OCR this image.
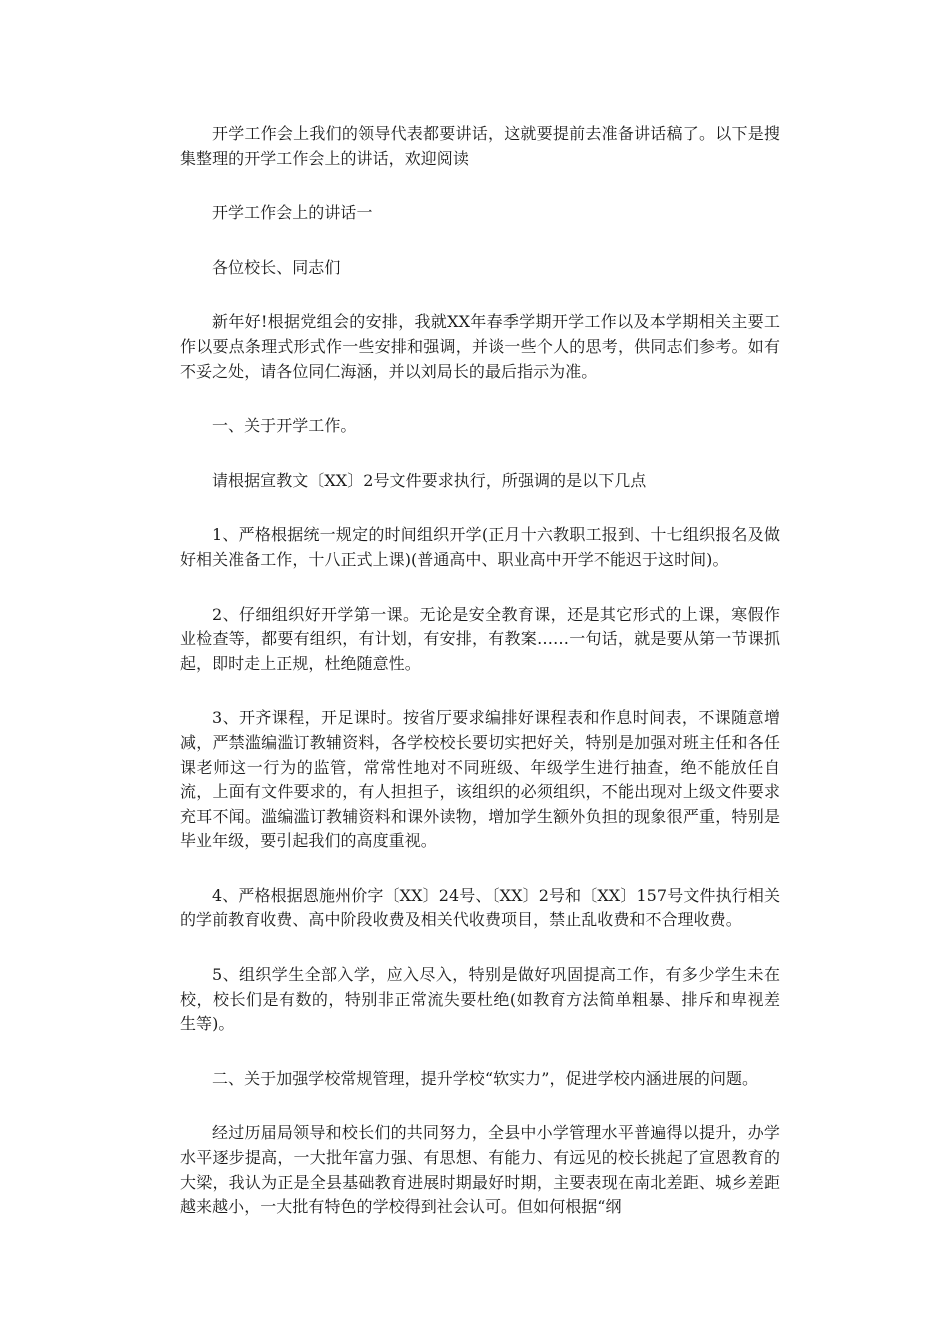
开学工作会上我们的领导代表都要讲话，这就要提前去准备讲话稿了。以下是搜集整理的开学工作会上的讲话，欢迎阅读

开学工作会上的讲话一

各位校长、同志们

新年好!根据党组会的安排，我就XX年春季学期开学工作以及本学期相关主要工作以要点条理式形式作一些安排和强调，并谈一些个人的思考，供同志们参考。如有不妥之处，请各位同仁海涵，并以刘局长的最后指示为准。

一、关于开学工作。

请根据宣教文〔XX〕2号文件要求执行，所强调的是以下几点

1、严格根据统一规定的时间组织开学(正月十六教职工报到、十七组织报名及做好相关准备工作，十八正式上课)(普通高中、职业高中开学不能迟于这时间)。

2、仔细组织好开学第一课。无论是安全教育课，还是其它形式的上课，寒假作业检查等，都要有组织，有计划，有安排，有教案……一句话，就是要从第一节课抓起，即时走上正规，杜绝随意性。

3、开齐课程，开足课时。按省厅要求编排好课程表和作息时间表，不课随意增减，严禁滥编滥订教辅资料，各学校校长要切实把好关，特别是加强对班主任和各任课老师这一行为的监管，常常性地对不同班级、年级学生进行抽查，绝不能放任自流，上面有文件要求的，有人担担子，该组织的必须组织，不能出现对上级文件要求充耳不闻。滥编滥订教辅资料和课外读物，增加学生额外负担的现象很严重，特别是毕业年级，要引起我们的高度重视。

4、严格根据恩施州价字〔XX〕24号、〔XX〕2号和〔XX〕157号文件执行相关的学前教育收费、高中阶段收费及相关代收费项目，禁止乱收费和不合理收费。

5、组织学生全部入学，应入尽入，特别是做好巩固提高工作，有多少学生未在校，校长们是有数的，特别非正常流失要杜绝(如教育方法简单粗暴、排斥和卑视差生等)。

二、关于加强学校常规管理，提升学校“软实力”，促进学校内涵进展的问题。

经过历届局领导和校长们的共同努力，全县中小学管理水平普遍得以提升，办学水平逐步提高，一大批年富力强、有思想、有能力、有远见的校长挑起了宣恩教育的大梁，我认为正是全县基础教育进展时期最好时期，主要表现在南北差距、城乡差距越来越小，一大批有特色的学校得到社会认可。但如何根据“纲
